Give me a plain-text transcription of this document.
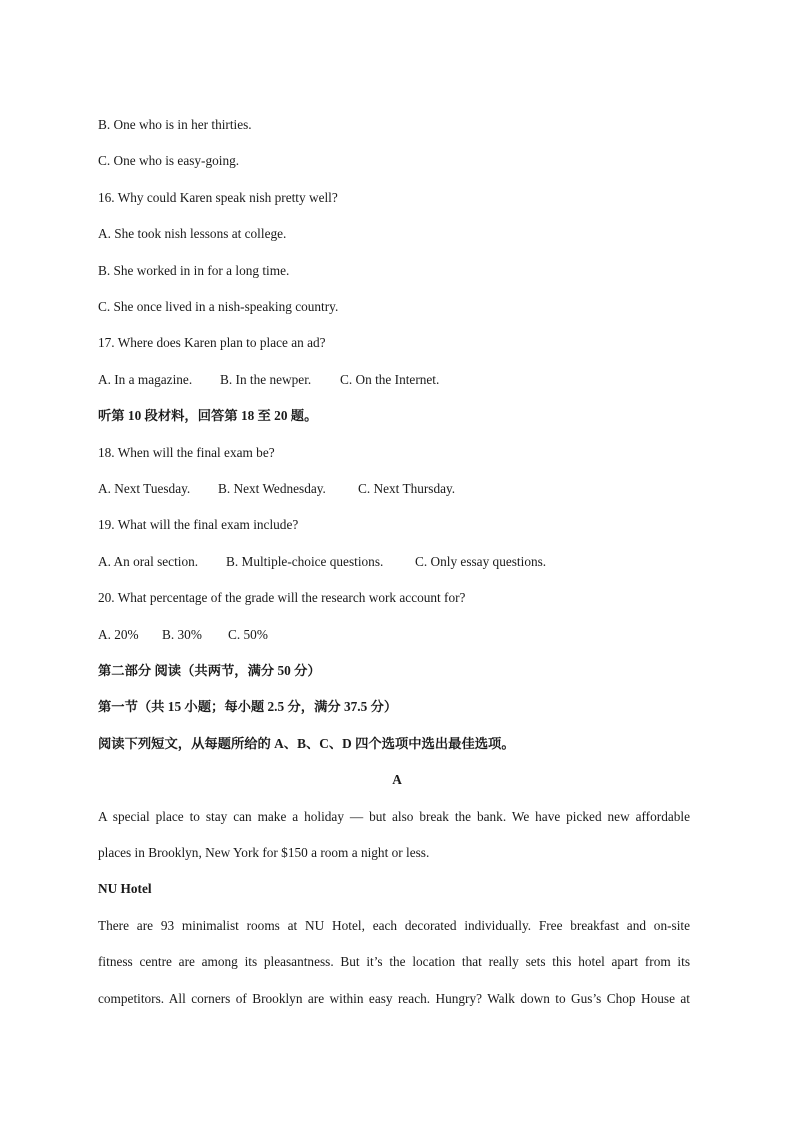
B. One who is in her thirties.

C. One who is easy-going.

16. Why could Karen speak nish pretty well?

A. She took nish lessons at college.

B. She worked in in for a long time.

C. She once lived in a nish-speaking country.

17. Where does Karen plan to place an ad?

A. In a magazine. B. In the newper. C. On the Internet.

听第 10 段材料，回答第 18 至 20 题。

18. When will the final exam be?

A. Next Tuesday. B. Next Wednesday. C. Next Thursday.

19. What will the final exam include?

A. An oral section. B. Multiple-choice questions. C. Only essay questions.

20. What percentage of the grade will the research work account for?

A. 20% B. 30% C. 50%

第二部分 阅读（共两节，满分 50 分）

第一节（共 15 小题；每小题 2.5 分，满分 37.5 分）

阅读下列短文，从每题所给的 A、B、C、D 四个选项中选出最佳选项。

A

A special place to stay can make a holiday — but also break the bank. We have picked new affordable

places in Brooklyn, New York for $150 a room a night or less.

NU Hotel

There are 93 minimalist rooms at NU Hotel, each decorated individually. Free breakfast and on-site

fitness centre are among its pleasantness. But it’s the location that really sets this hotel apart from its

competitors. All corners of Brooklyn are within easy reach. Hungry? Walk down to Gus’s Chop House at
